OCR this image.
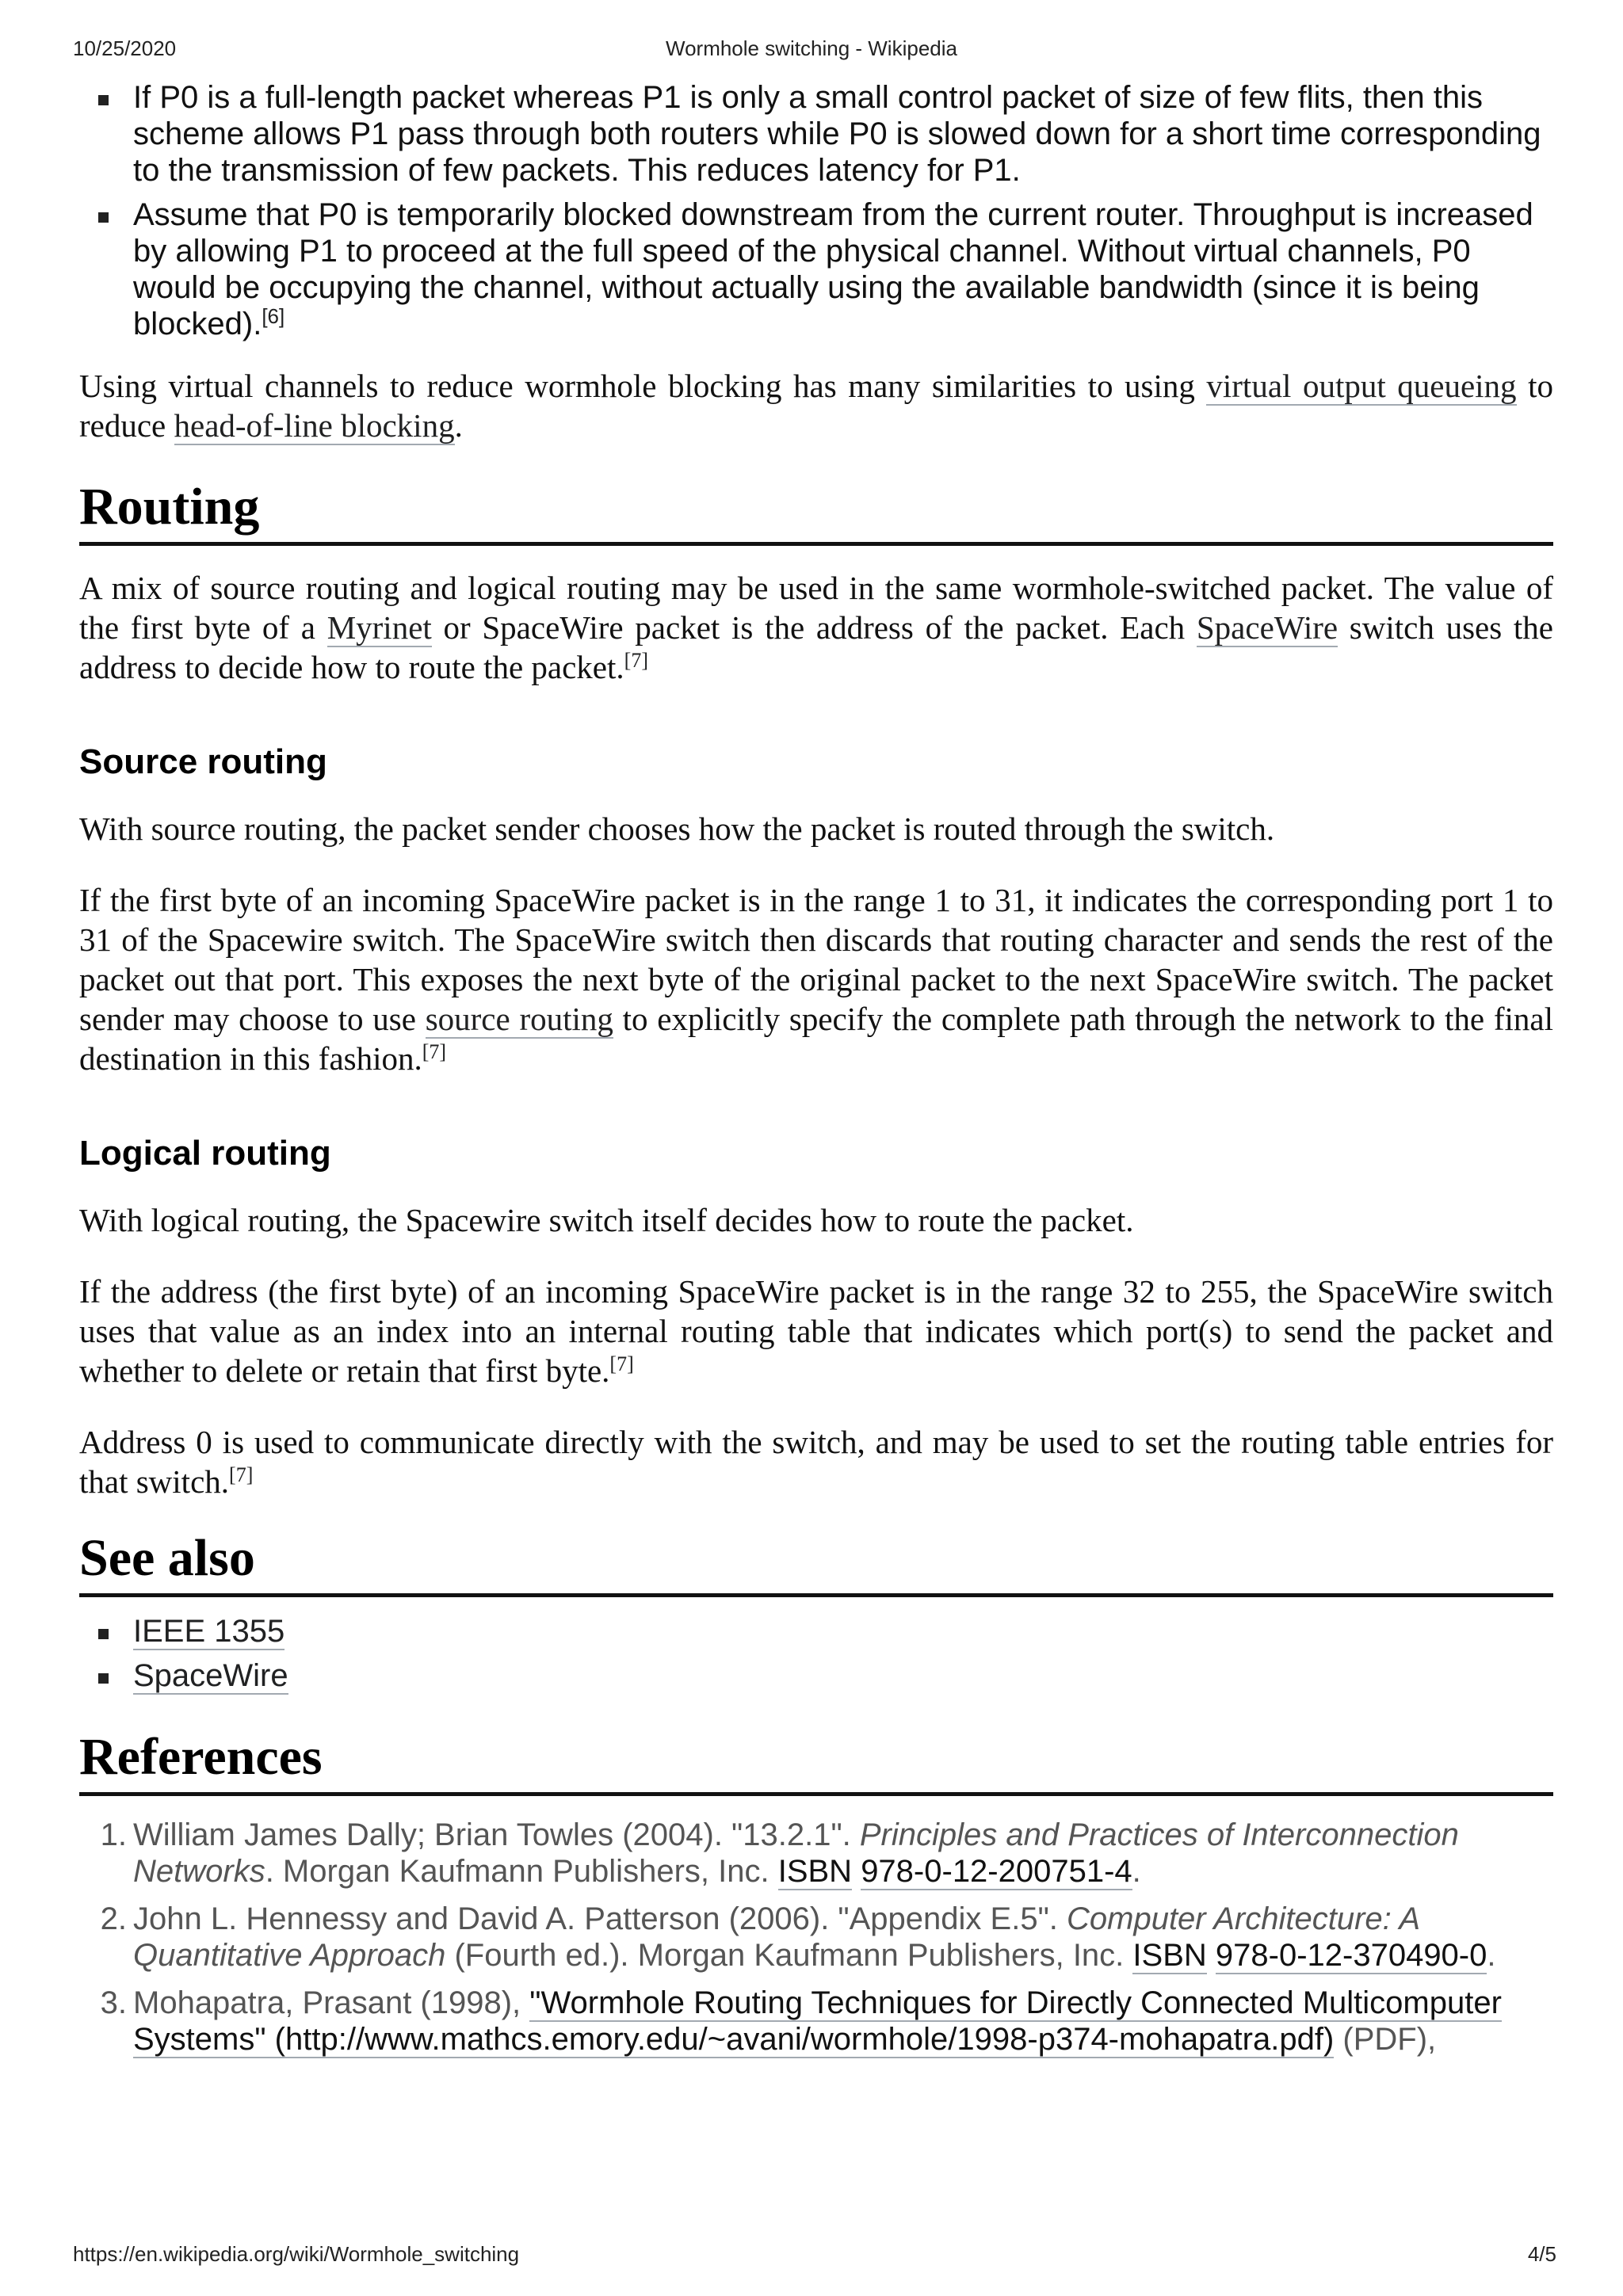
10/25/2020	Wormhole switching - Wikipedia
If P0 is a full-length packet whereas P1 is only a small control packet of size of few flits, then this scheme allows P1 pass through both routers while P0 is slowed down for a short time corresponding to the transmission of few packets. This reduces latency for P1.
Assume that P0 is temporarily blocked downstream from the current router. Throughput is increased by allowing P1 to proceed at the full speed of the physical channel. Without virtual channels, P0 would be occupying the channel, without actually using the available bandwidth (since it is being blocked).[6]

Using virtual channels to reduce wormhole blocking has many similarities to using virtual output queueing to reduce head-of-line blocking.

Routing

A mix of source routing and logical routing may be used in the same wormhole-switched packet. The value of the first byte of a Myrinet or SpaceWire packet is the address of the packet. Each SpaceWire switch uses the address to decide how to route the packet.[7]

Source routing

With source routing, the packet sender chooses how the packet is routed through the switch.

If the first byte of an incoming SpaceWire packet is in the range 1 to 31, it indicates the corresponding port 1 to 31 of the Spacewire switch. The SpaceWire switch then discards that routing character and sends the rest of the packet out that port. This exposes the next byte of the original packet to the next SpaceWire switch. The packet sender may choose to use source routing to explicitly specify the complete path through the network to the final destination in this fashion.[7]

Logical routing

With logical routing, the Spacewire switch itself decides how to route the packet.

If the address (the first byte) of an incoming SpaceWire packet is in the range 32 to 255, the SpaceWire switch uses that value as an index into an internal routing table that indicates which port(s) to send the packet and whether to delete or retain that first byte.[7]

Address 0 is used to communicate directly with the switch, and may be used to set the routing table entries for that switch.[7]

See also
IEEE 1355
SpaceWire
References
1. William James Dally; Brian Towles (2004). "13.2.1". Principles and Practices of Interconnection Networks. Morgan Kaufmann Publishers, Inc. ISBN 978-0-12-200751-4.
2. John L. Hennessy and David A. Patterson (2006). "Appendix E.5". Computer Architecture: A Quantitative Approach (Fourth ed.). Morgan Kaufmann Publishers, Inc. ISBN 978-0-12-370490-0.
3. Mohapatra, Prasant (1998), "Wormhole Routing Techniques for Directly Connected Multicomputer Systems" (http://www.mathcs.emory.edu/~avani/wormhole/1998-p374-mohapatra.pdf) (PDF),
https://en.wikipedia.org/wiki/Wormhole_switching	4/5
